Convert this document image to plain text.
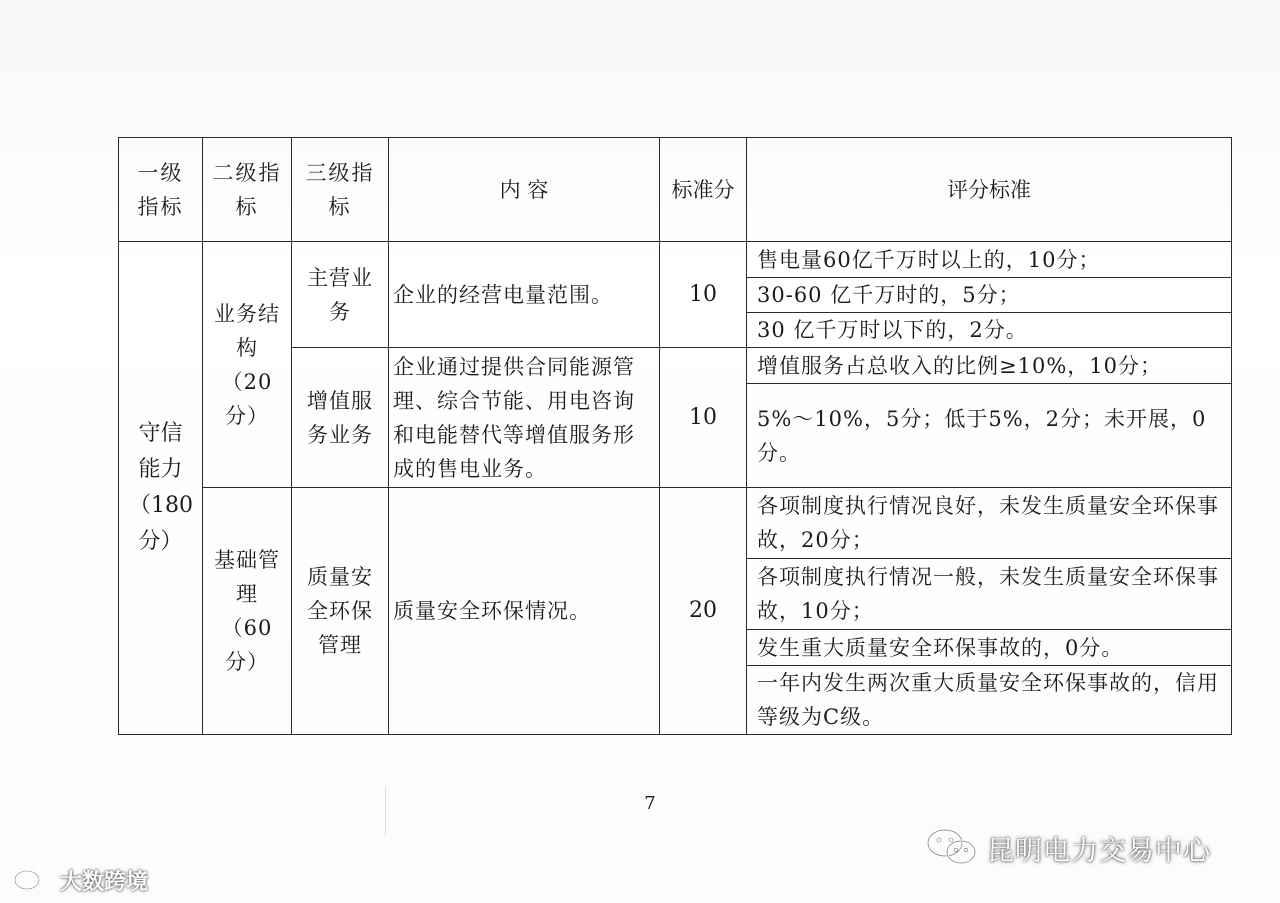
一级指标	二级指标	三级指标	内 容	标准分	评分标准
守信能力（180分）	业务结构（20分）	主营业务	企业的经营电量范围。	10	售电量60亿千万时以上的，10分；
					30-60 亿千万时的，5分；
					30 亿千万时以下的，2分。
		增值服务业务	企业通过提供合同能源管理、综合节能、用电咨询和电能替代等增值服务形成的售电业务。	10	增值服务占总收入的比例≥10%，10分；
					5%～10%，5分；低于5%，2分；未开展，0分。
	基础管理（60分）	质量安全环保管理	质量安全环保情况。	20	各项制度执行情况良好，未发生质量安全环保事故，20分；
					各项制度执行情况一般，未发生质量安全环保事故，10分；
					发生重大质量安全环保事故的，0分。
					一年内发生两次重大质量安全环保事故的，信用等级为C级。
7
大数跨境
昆明电力交易中心
